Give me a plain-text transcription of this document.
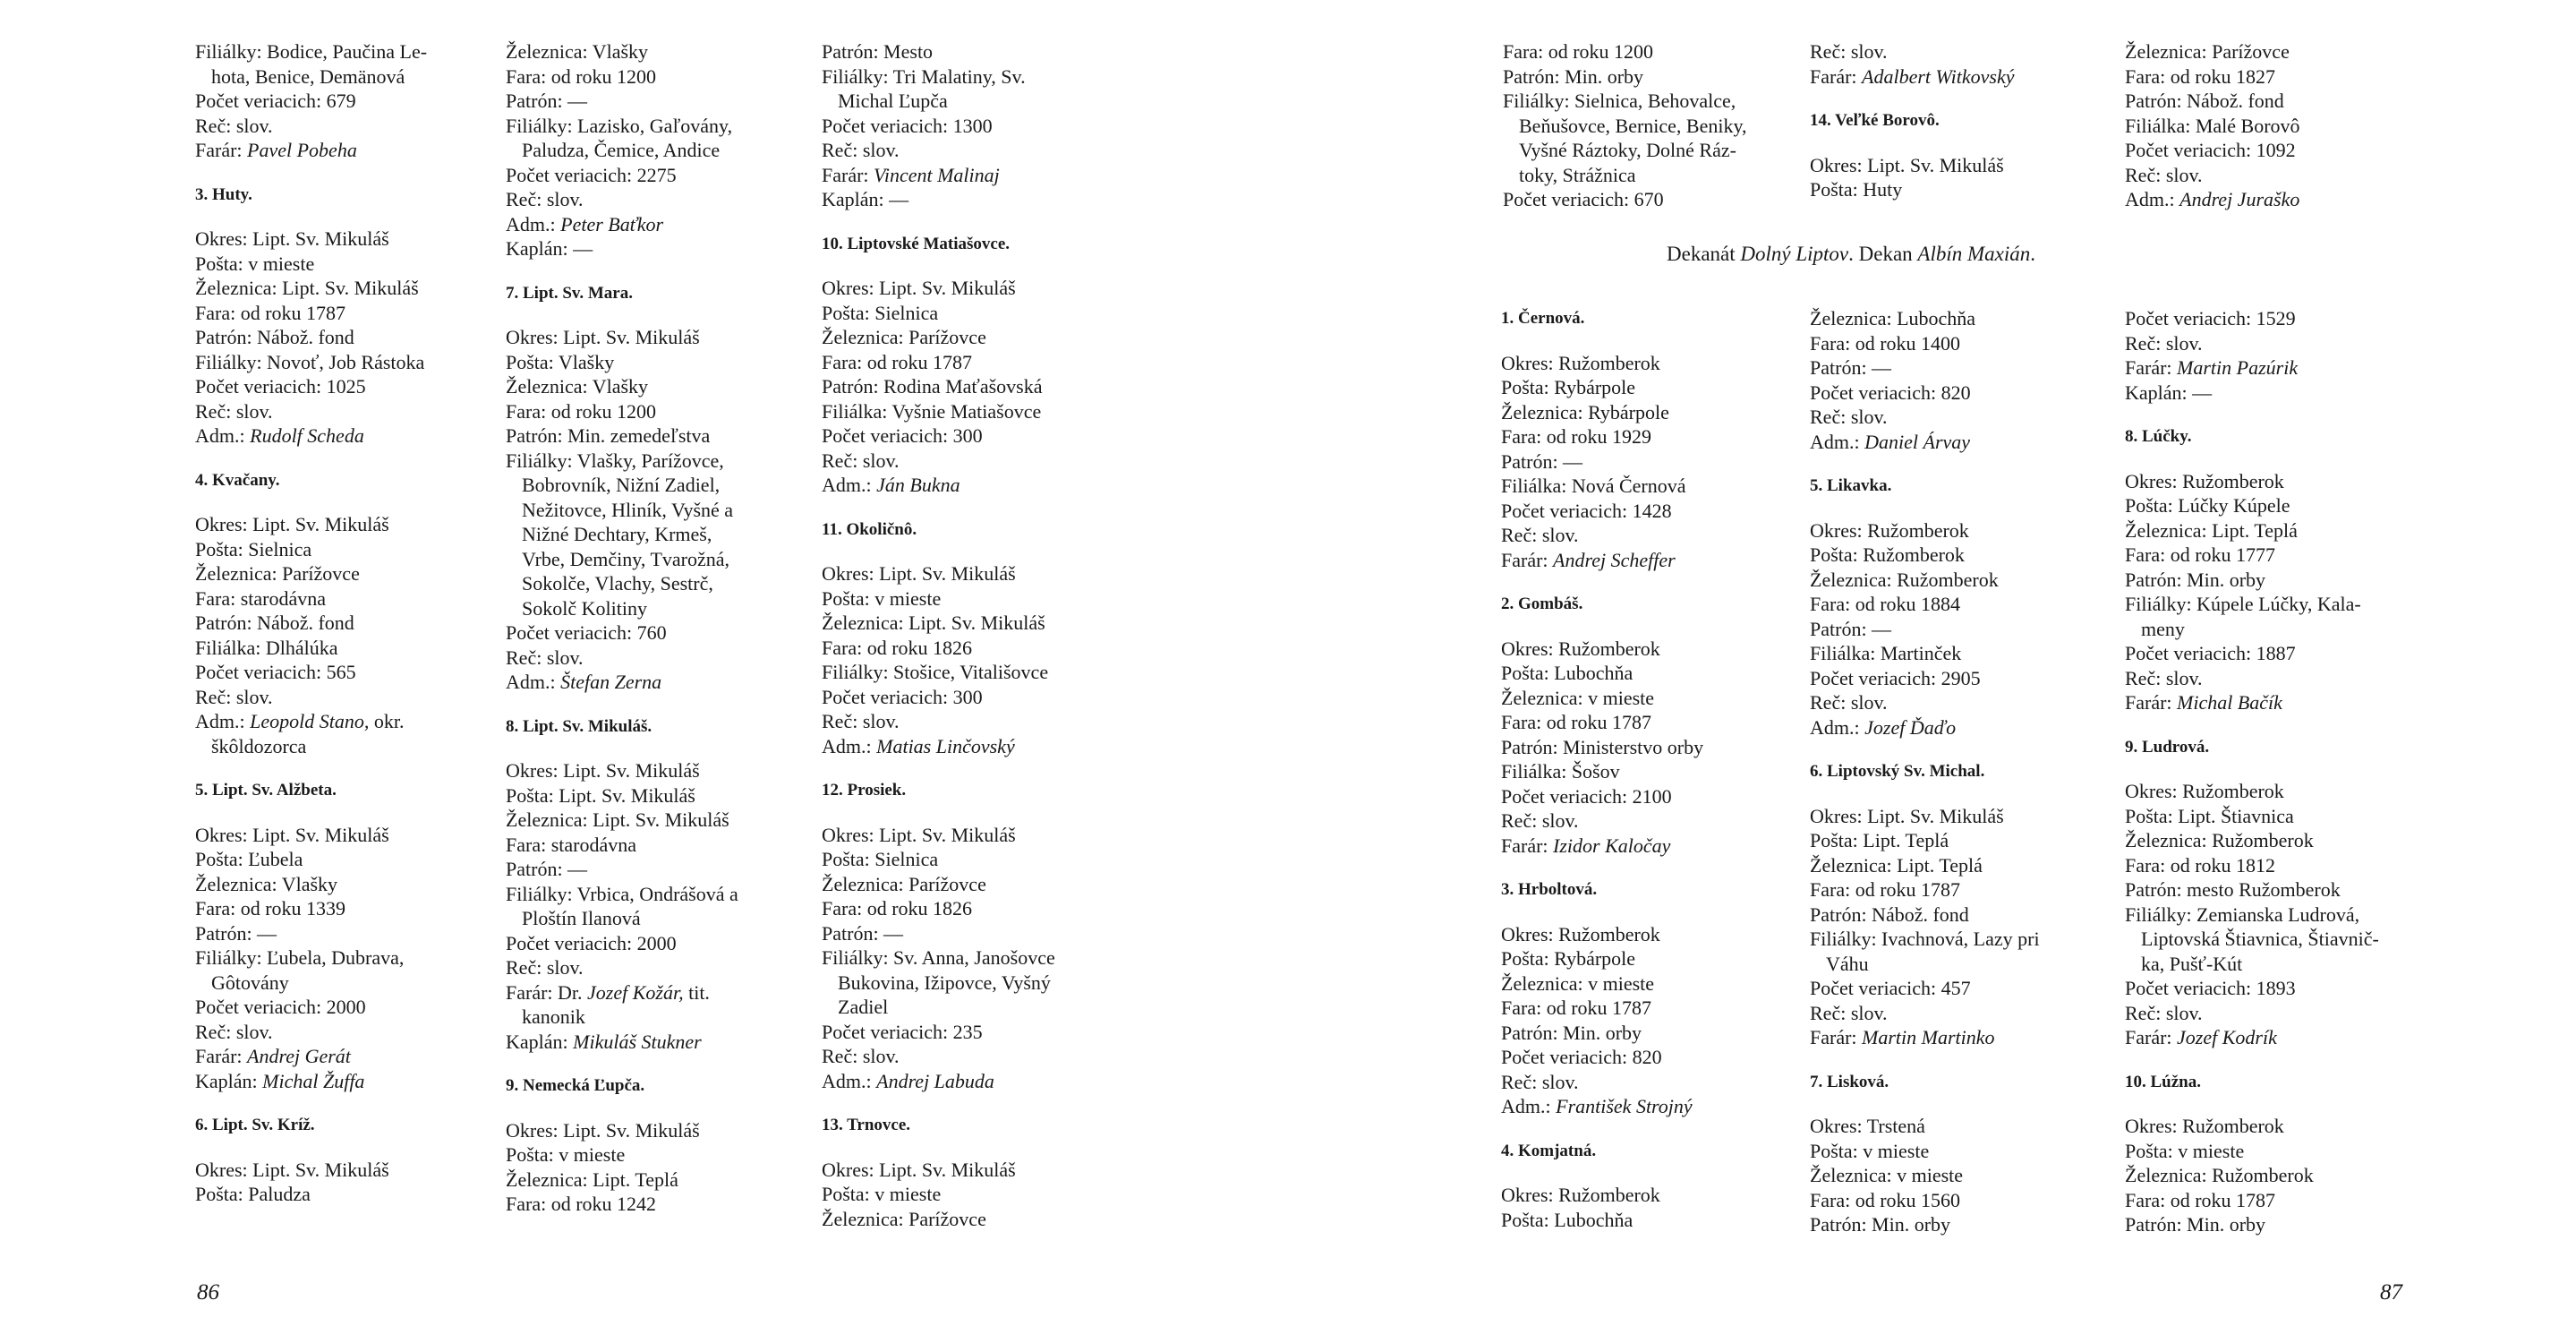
Filiálky: Bodice, Paučina Le-

hota, Benice, Demänová

Počet veriacich: 679

Reč: slov.

Farár: Pavel Pobeha

3. Huty.

Okres: Lipt. Sv. Mikuláš

Pošta: v mieste

Železnica: Lipt. Sv. Mikuláš

Fara: od roku 1787

Patrón: Nábož. fond

Filiálky: Novoť, Job Rástoka

Počet veriacich: 1025

Reč: slov.

Adm.: Rudolf Scheda

4. Kvačany.

Okres: Lipt. Sv. Mikuláš

Pošta: Sielnica

Železnica: Parížovce

Fara: starodávna

Patrón: Nábož. fond

Filiálka: Dlhálúka

Počet veriacich: 565

Reč: slov.

Adm.: Leopold Stano, okr.

škôldozorca

5. Lipt. Sv. Alžbeta.

Okres: Lipt. Sv. Mikuláš

Pošta: Ľubela

Železnica: Vlašky

Fara: od roku 1339

Patrón: —

Filiálky: Ľubela, Dubrava,

Gôtovány

Počet veriacich: 2000

Reč: slov.

Farár: Andrej Gerát

Kaplán: Michal Žuffa

6. Lipt. Sv. Kríž.

Okres: Lipt. Sv. Mikuláš

Pošta: Paludza

Železnica: Vlašky

Fara: od roku 1200

Patrón: —

Filiálky: Lazisko, Gaľovány,

Paludza, Čemice, Andice

Počet veriacich: 2275

Reč: slov.

Adm.: Peter Baťkor

Kaplán: —

7. Lipt. Sv. Mara.

Okres: Lipt. Sv. Mikuláš

Pošta: Vlašky

Železnica: Vlašky

Fara: od roku 1200

Patrón: Min. zemedeľstva

Filiálky: Vlašky, Parížovce,

Bobrovník, Nižní Zadiel,

Nežitovce, Hliník, Vyšné a

Nižné Dechtary, Krmeš,

Vrbe, Demčiny, Tvarožná,

Sokolče, Vlachy, Sestrč,

Sokolč Kolitiny

Počet veriacich: 760

Reč: slov.

Adm.: Štefan Zerna

8. Lipt. Sv. Mikuláš.

Okres: Lipt. Sv. Mikuláš

Pošta: Lipt. Sv. Mikuláš

Železnica: Lipt. Sv. Mikuláš

Fara: starodávna

Patrón: —

Filiálky: Vrbica, Ondrášová a

Ploštín Ilanová

Počet veriacich: 2000

Reč: slov.

Farár: Dr. Jozef Kožár, tit.

kanonik

Kaplán: Mikuláš Stukner

9. Nemecká Ľupča.

Okres: Lipt. Sv. Mikuláš

Pošta: v mieste

Železnica: Lipt. Teplá

Fara: od roku 1242

Patrón: Mesto

Filiálky: Tri Malatiny, Sv.

Michal Ľupča

Počet veriacich: 1300

Reč: slov.

Farár: Vincent Malinaj

Kaplán: —

10. Liptovské Matiašovce.

Okres: Lipt. Sv. Mikuláš

Pošta: Sielnica

Železnica: Parížovce

Fara: od roku 1787

Patrón: Rodina Maťašovská

Filiálka: Vyšnie Matiašovce

Počet veriacich: 300

Reč: slov.

Adm.: Ján Bukna

11. Okoličnô.

Okres: Lipt. Sv. Mikuláš

Pošta: v mieste

Železnica: Lipt. Sv. Mikuláš

Fara: od roku 1826

Filiálky: Stošice, Vitališovce

Počet veriacich: 300

Reč: slov.

Adm.: Matias Linčovský

12. Prosiek.

Okres: Lipt. Sv. Mikuláš

Pošta: Sielnica

Železnica: Parížovce

Fara: od roku 1826

Patrón: —

Filiálky: Sv. Anna, Janošovce

Bukovina, Ižipovce, Vyšný

Zadiel

Počet veriacich: 235

Reč: slov.

Adm.: Andrej Labuda

13. Trnovce.

Okres: Lipt. Sv. Mikuláš

Pošta: v mieste

Železnica: Parížovce

86

Fara: od roku 1200

Patrón: Min. orby

Filiálky: Sielnica, Behovalce,

Beňušovce, Bernice, Beniky,

Vyšné Ráztoky, Dolné Ráz-

toky, Strážnica

Počet veriacich: 670

Reč: slov.

Farár: Adalbert Witkovský

14. Veľké Borovô.

Okres: Lipt. Sv. Mikuláš

Pošta: Huty

Železnica: Parížovce

Fara: od roku 1827

Patrón: Nábož. fond

Filiálka: Malé Borovô

Počet veriacich: 1092

Reč: slov.

Adm.: Andrej Juraško

1. Černová.

Okres: Ružomberok

Pošta: Rybárpole

Železnica: Rybárpole

Fara: od roku 1929

Patrón: —

Filiálka: Nová Černová

Počet veriacich: 1428

Reč: slov.

Farár: Andrej Scheffer

2. Gombáš.

Okres: Ružomberok

Pošta: Lubochňa

Železnica: v mieste

Fara: od roku 1787

Patrón: Ministerstvo orby

Filiálka: Šošov

Počet veriacich: 2100

Reč: slov.

Farár: Izidor Kaločay

3. Hrboltová.

Okres: Ružomberok

Pošta: Rybárpole

Železnica: v mieste

Fara: od roku 1787

Patrón: Min. orby

Počet veriacich: 820

Reč: slov.

Adm.: František Strojný

4. Komjatná.

Okres: Ružomberok

Pošta: Lubochňa

Železnica: Lubochňa

Fara: od roku 1400

Patrón: —

Počet veriacich: 820

Reč: slov.

Adm.: Daniel Árvay

5. Likavka.

Okres: Ružomberok

Pošta: Ružomberok

Železnica: Ružomberok

Fara: od roku 1884

Patrón: —

Filiálka: Martinček

Počet veriacich: 2905

Reč: slov.

Adm.: Jozef Ďaďo

6. Liptovský Sv. Michal.

Okres: Lipt. Sv. Mikuláš

Pošta: Lipt. Teplá

Železnica: Lipt. Teplá

Fara: od roku 1787

Patrón: Nábož. fond

Filiálky: Ivachnová, Lazy pri

Váhu

Počet veriacich: 457

Reč: slov.

Farár: Martin Martinko

7. Lisková.

Okres: Trstená

Pošta: v mieste

Železnica: v mieste

Fara: od roku 1560

Patrón: Min. orby

Počet veriacich: 1529

Reč: slov.

Farár: Martin Pazúrik

Kaplán: —

8. Lúčky.

Okres: Ružomberok

Pošta: Lúčky Kúpele

Železnica: Lipt. Teplá

Fara: od roku 1777

Patrón: Min. orby

Filiálky: Kúpele Lúčky, Kala-

meny

Počet veriacich: 1887

Reč: slov.

Farár: Michal Bačík

9. Ludrová.

Okres: Ružomberok

Pošta: Lipt. Štiavnica

Železnica: Ružomberok

Fara: od roku 1812

Patrón: mesto Ružomberok

Filiálky: Zemianska Ludrová,

Liptovská Štiavnica, Štiavnič-

ka, Pušť-Kút

Počet veriacich: 1893

Reč: slov.

Farár: Jozef Kodrík

10. Lúžna.

Okres: Ružomberok

Pošta: v mieste

Železnica: Ružomberok

Fara: od roku 1787

Patrón: Min. orby

87
Dekanát Dolný Liptov. Dekan Albín Maxián.
